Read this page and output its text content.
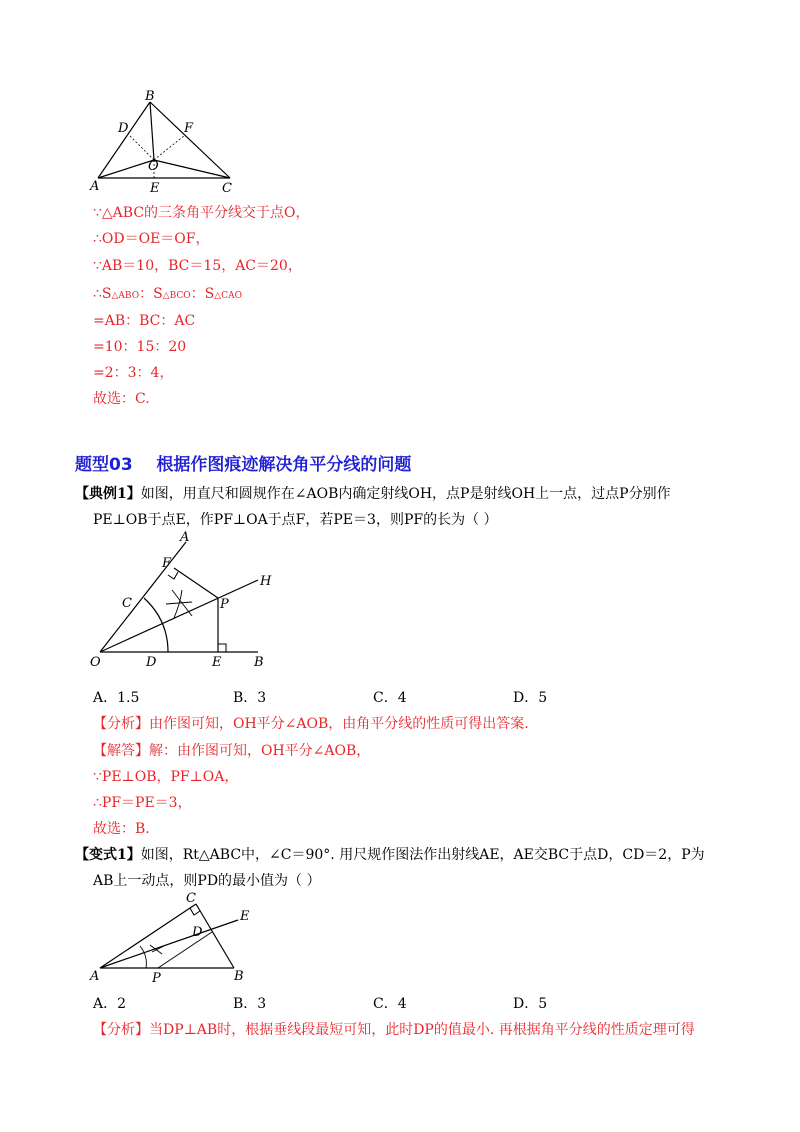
B
D	F
O
A	E	C
∵△ABC的三条角平分线交于点O，
∴OD＝OE＝OF，
∵AB＝10，BC＝15，AC＝20，
∴S△ABO：S△BCO：S△CAO
=AB：BC：AC
=10：15：20
=2：3：4，
故选：C.
题型03    根据作图痕迹解决角平分线的问题
【典例1】如图，用直尺和圆规作在∠AOB内确定射线OH，点P是射线OH上一点，过点P分别作
PE⊥OB于点E，作PF⊥OA于点F，若PE＝3，则PF的长为（ ）
A
F
H
C	P
O	D	E	B
A．1.5	B．3	C．4	D．5
【分析】由作图可知，OH平分∠AOB，由角平分线的性质可得出答案.
【解答】解：由作图可知，OH平分∠AOB，
∵PE⊥OB，PF⊥OA，
∴PF＝PE＝3，
故选：B.
【变式1】如图，Rt△ABC中，∠C＝90°. 用尺规作图法作出射线AE，AE交BC于点D，CD＝2，P为
AB上一动点，则PD的最小值为（ ）
C
E
D
A	P	B
A．2	B．3	C．4	D．5
【分析】当DP⊥AB时，根据垂线段最短可知，此时DP的值最小. 再根据角平分线的性质定理可得
